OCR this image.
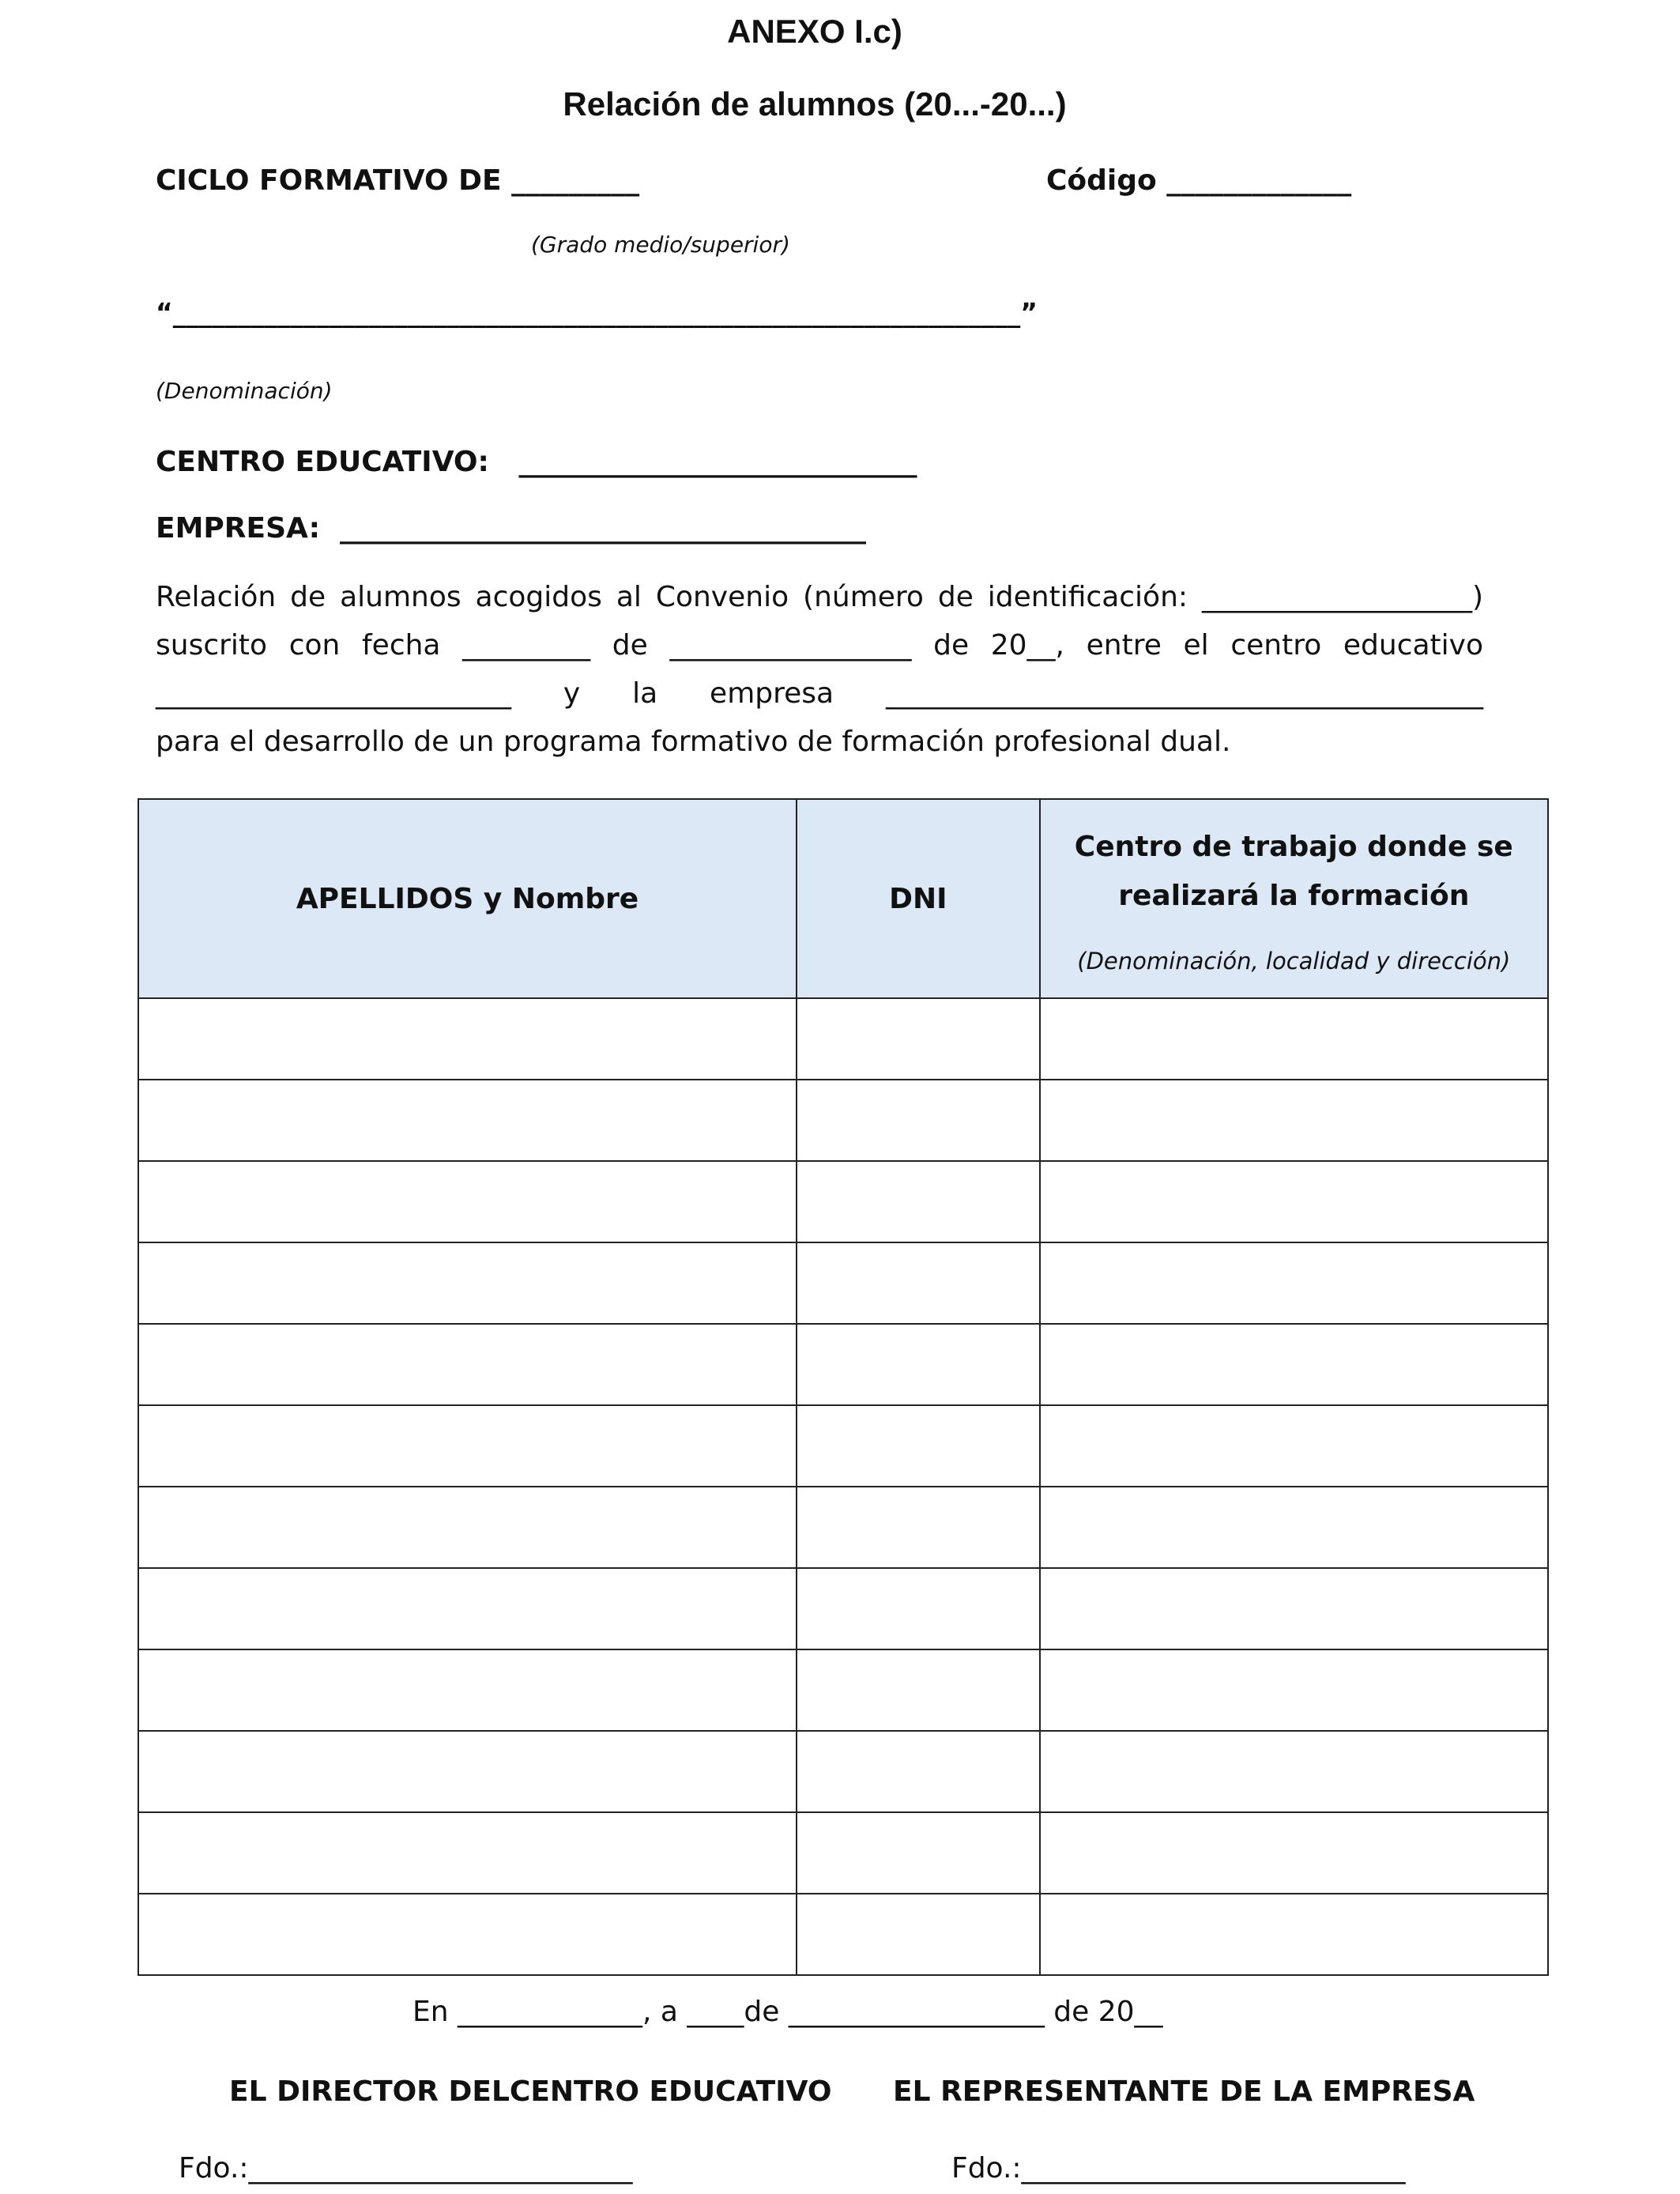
ANEXO I.c)
Relación de alumnos (20...-20...)
CICLO FORMATIVO DE _________	Código _____________
(Grado medio/superior)
“_________________________________________________________________”
(Denominación)
CENTRO EDUCATIVO:   ____________________________
EMPRESA:  _____________________________________
Relación de alumnos acogidos al Convenio (número de identificación: ___________________)
suscrito con fecha _________ de _________________ de 20__, entre el centro educativo
_________________________ y la empresa __________________________________________
para el desarrollo de un programa formativo de formación profesional dual.
APELLIDOS y Nombre	DNI	Centro de trabajo donde se
realizará la formación
(Denominación, localidad y dirección)

En _____________, a ____de __________________ de 20__
EL DIRECTOR DELCENTRO EDUCATIVO EL REPRESENTANTE DE LA EMPRESA
Fdo.:___________________________	Fdo.:___________________________
